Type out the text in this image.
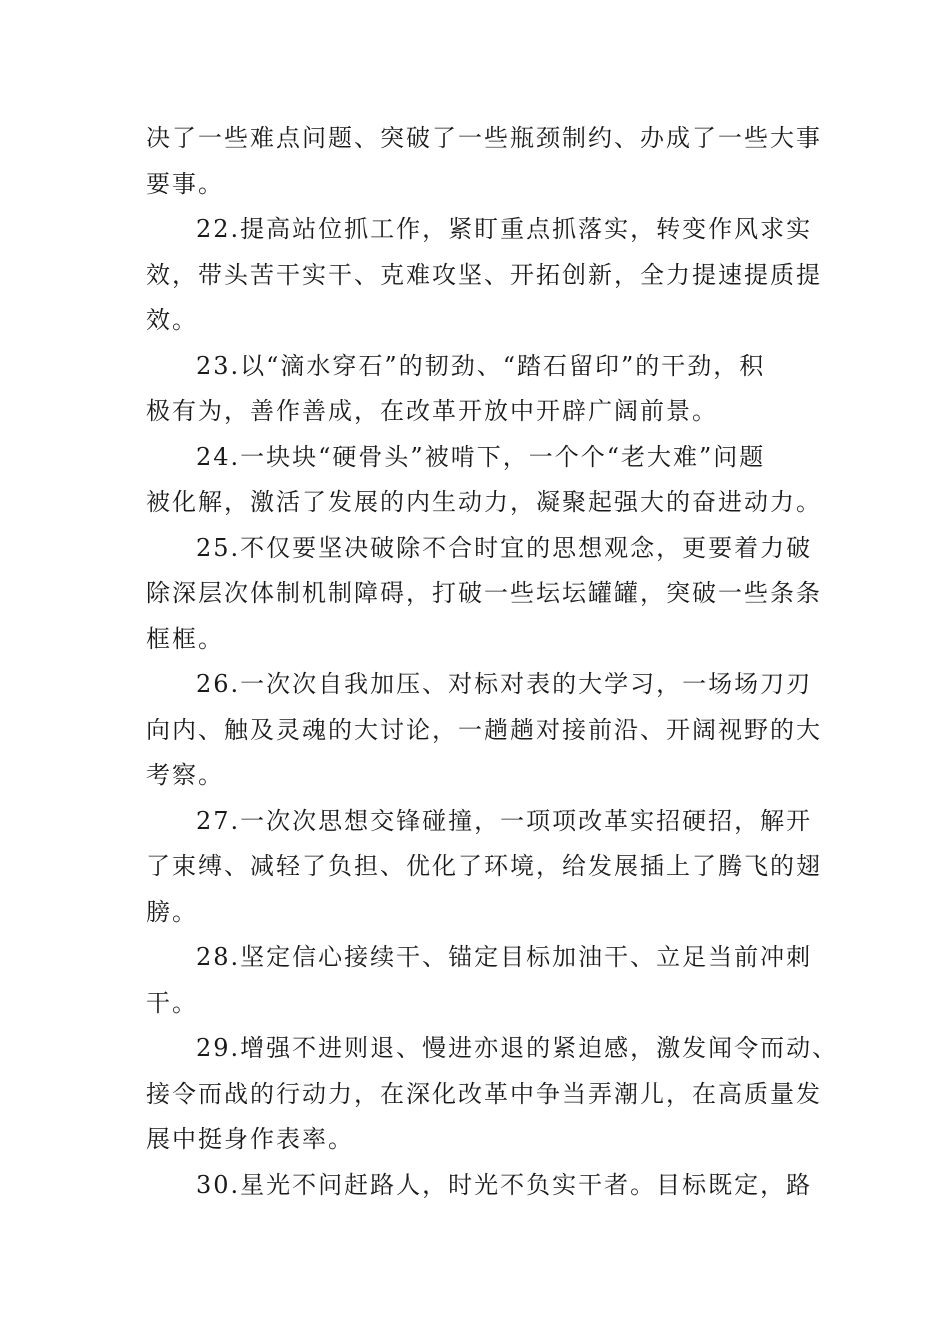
决了一些难点问题、突破了一些瓶颈制约、办成了一些大事
要事。
22.提高站位抓工作，紧盯重点抓落实，转变作风求实
效，带头苦干实干、克难攻坚、开拓创新，全力提速提质提
效。
23.以“滴水穿石”的韧劲、“踏石留印”的干劲，积
极有为，善作善成，在改革开放中开辟广阔前景。
24.一块块“硬骨头”被啃下，一个个“老大难”问题
被化解，激活了发展的内生动力，凝聚起强大的奋进动力。
25.不仅要坚决破除不合时宜的思想观念，更要着力破
除深层次体制机制障碍，打破一些坛坛罐罐，突破一些条条
框框。
26.一次次自我加压、对标对表的大学习，一场场刀刃
向内、触及灵魂的大讨论，一趟趟对接前沿、开阔视野的大
考察。
27.一次次思想交锋碰撞，一项项改革实招硬招，解开
了束缚、减轻了负担、优化了环境，给发展插上了腾飞的翅
膀。
28.坚定信心接续干、锚定目标加油干、立足当前冲刺
干。
29.增强不进则退、慢进亦退的紧迫感，激发闻令而动、
接令而战的行动力，在深化改革中争当弄潮儿，在高质量发
展中挺身作表率。
30.星光不问赶路人，时光不负实干者。目标既定，路
